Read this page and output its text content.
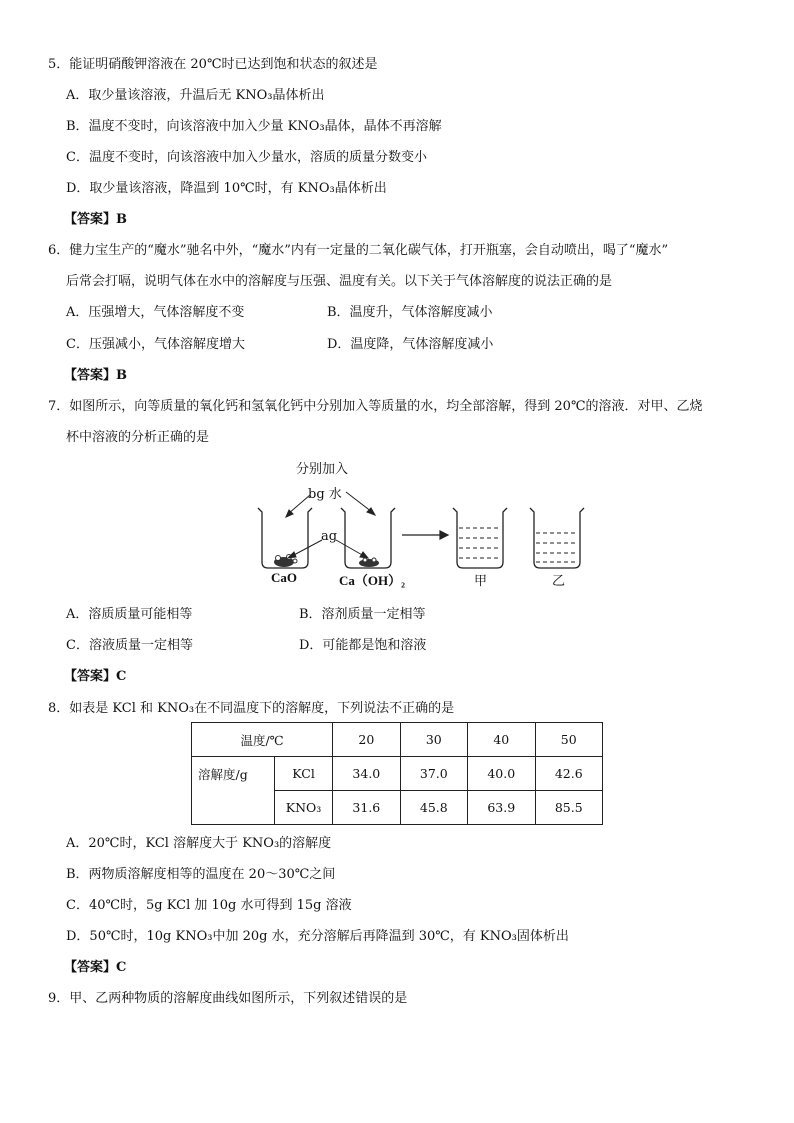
5．能证明硝酸钾溶液在 20℃时已达到饱和状态的叙述是
A．取少量该溶液，升温后无 KNO₃晶体析出
B．温度不变时，向该溶液中加入少量 KNO₃晶体，晶体不再溶解
C．温度不变时，向该溶液中加入少量水，溶质的质量分数变小
D．取少量该溶液，降温到 10℃时，有 KNO₃晶体析出
【答案】B
6．健力宝生产的“魔水”驰名中外，“魔水”内有一定量的二氧化碳气体，打开瓶塞，会自动喷出，喝了“魔水”
后常会打嗝，说明气体在水中的溶解度与压强、温度有关。以下关于气体溶解度的说法正确的是
A．压强增大，气体溶解度不变	B．温度升，气体溶解度减小
C．压强减小，气体溶解度增大	D．温度降，气体溶解度减小
【答案】B
7．如图所示，向等质量的氧化钙和氢氧化钙中分别加入等质量的水，均全部溶解，得到 20℃的溶液．对甲、乙烧
杯中溶液的分析正确的是
分别加入
bg 水
ag
CaO	Ca（OH）₂	甲	乙
A．溶质质量可能相等	B．溶剂质量一定相等
C．溶液质量一定相等	D．可能都是饱和溶液
【答案】C
8．如表是 KCl 和 KNO₃在不同温度下的溶解度，下列说法不正确的是
温度/℃		20	30	40	50
溶解度/g	KCl	34.0	37.0	40.0	42.6
	KNO₃	31.6	45.8	63.9	85.5
A．20℃时，KCl 溶解度大于 KNO₃的溶解度
B．两物质溶解度相等的温度在 20～30℃之间
C．40℃时，5g KCl 加 10g 水可得到 15g 溶液
D．50℃时，10g KNO₃中加 20g 水，充分溶解后再降温到 30℃，有 KNO₃固体析出
【答案】C
9．甲、乙两种物质的溶解度曲线如图所示，下列叙述错误的是
